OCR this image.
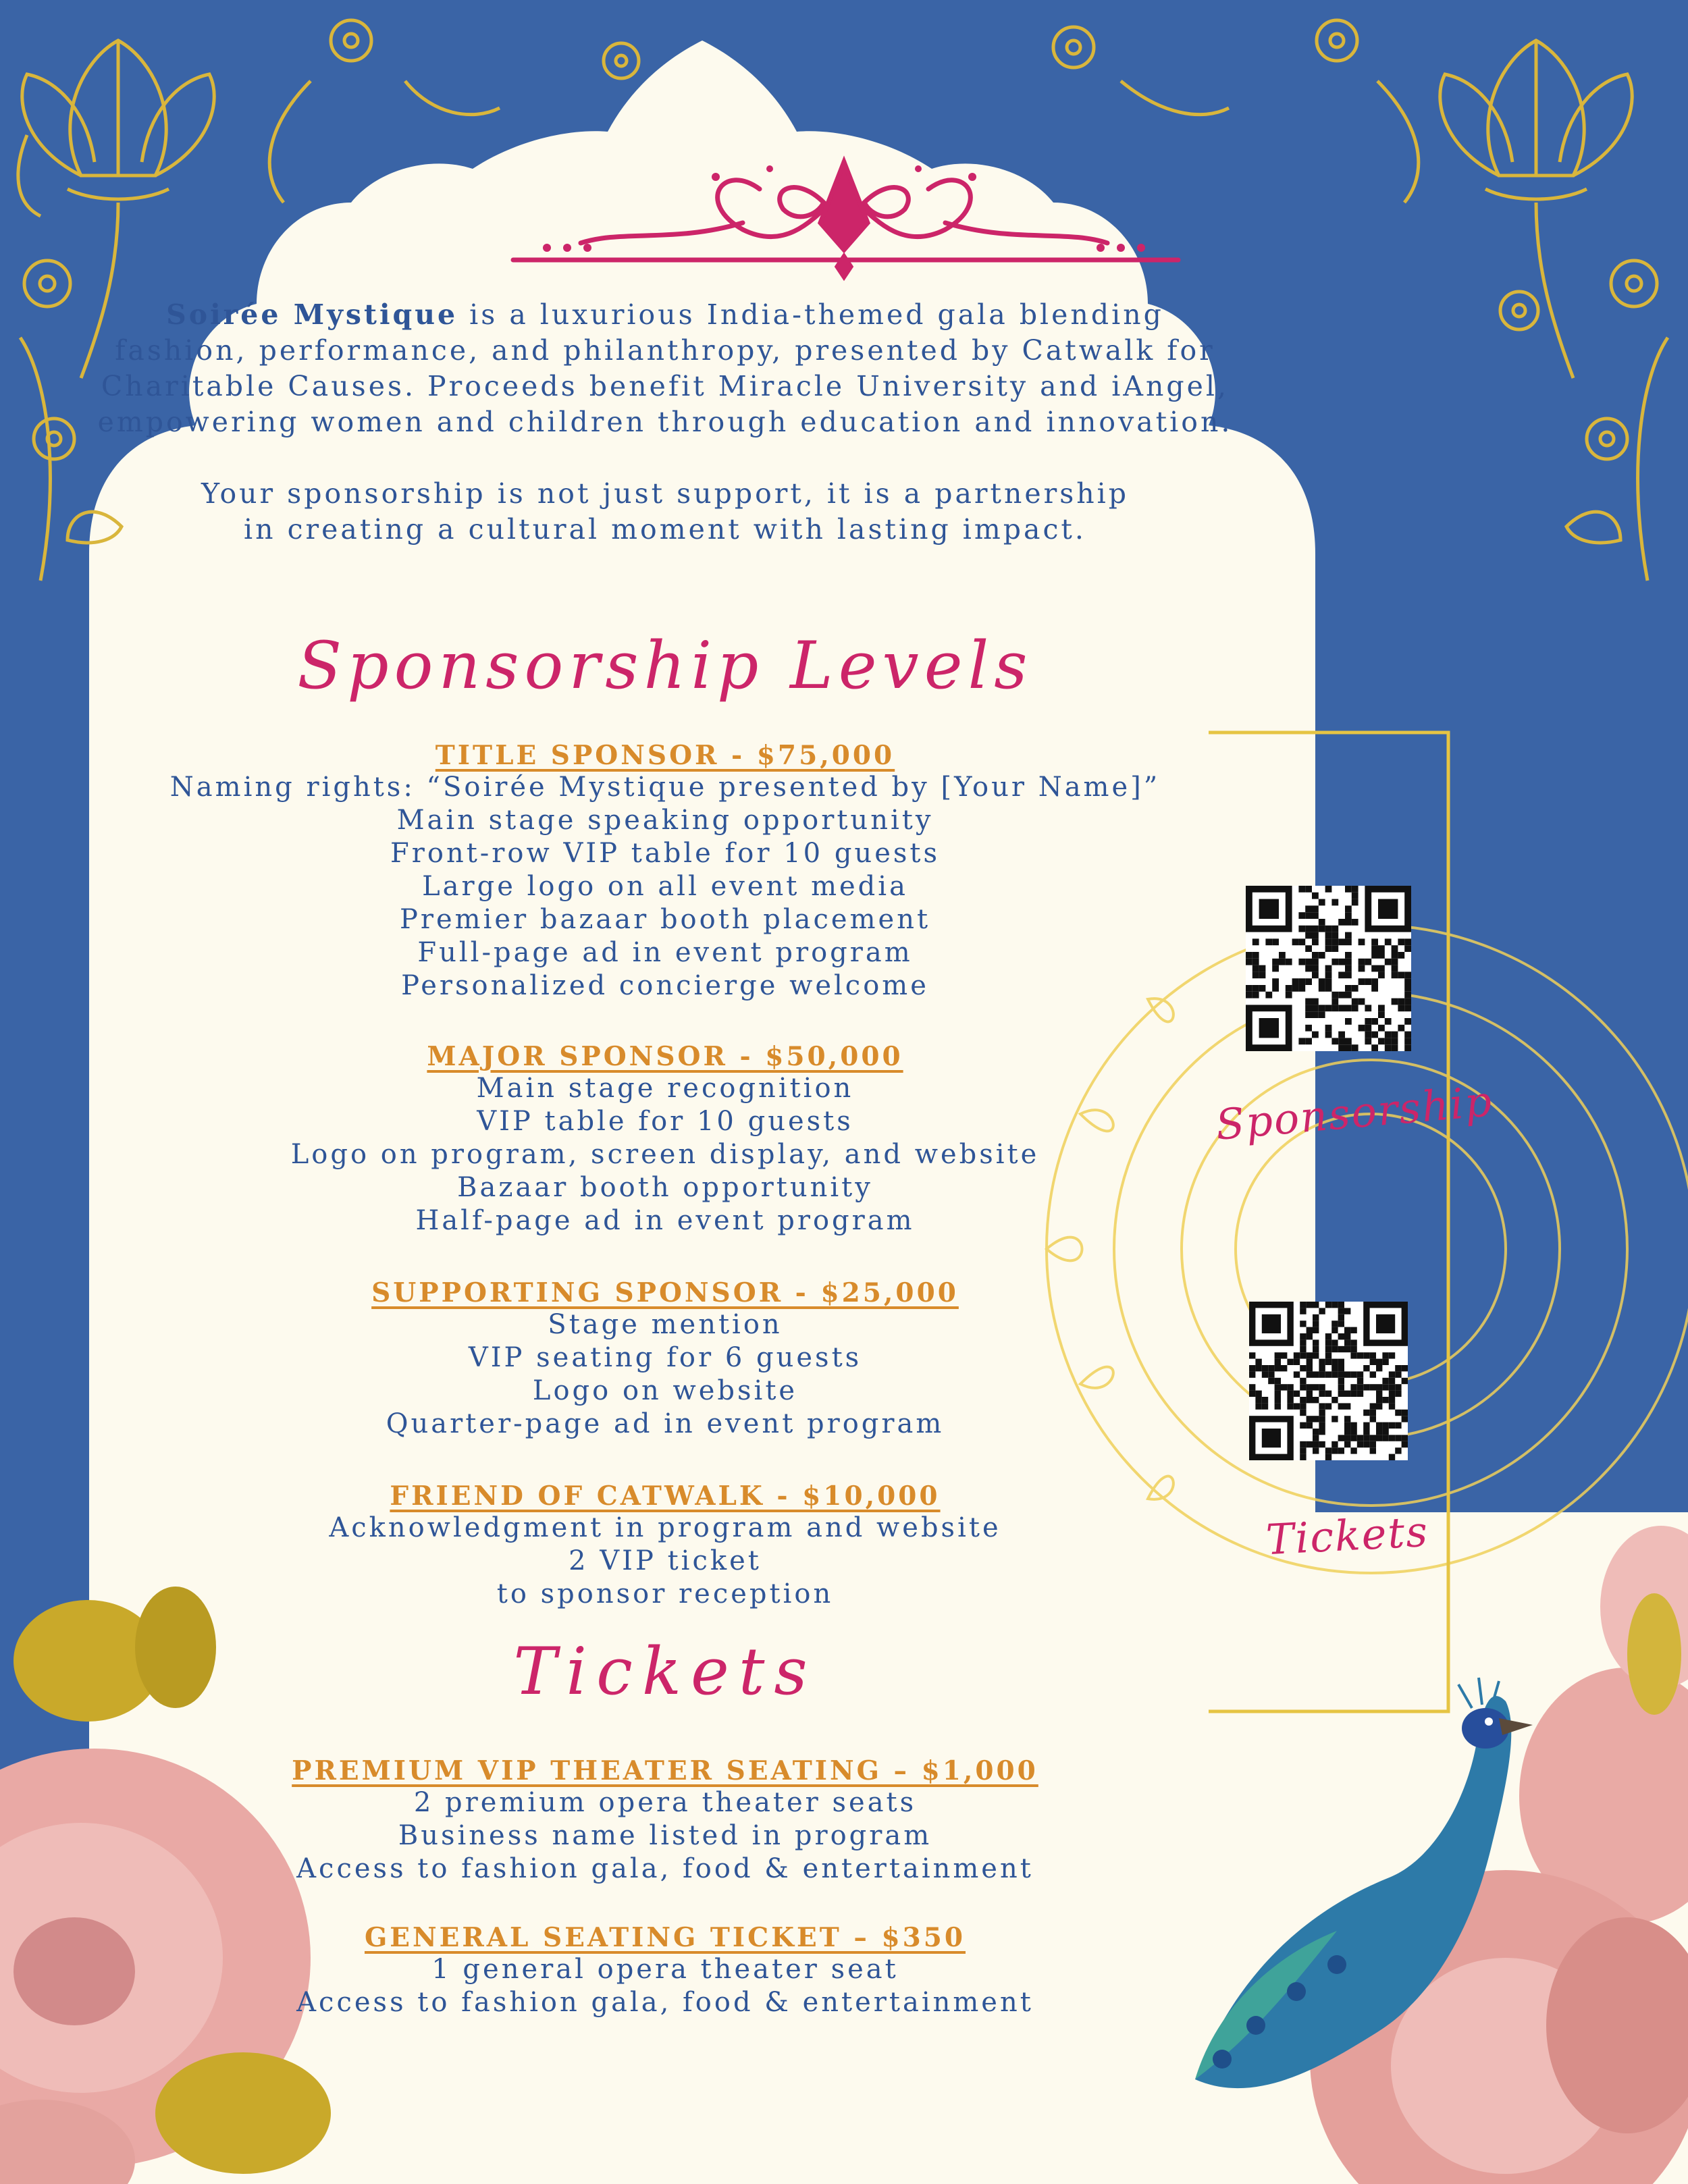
Soirée Mystique is a luxurious India-themed gala blending
fashion, performance, and philanthropy, presented by Catwalk for
Charitable Causes. Proceeds benefit Miracle University and iAngel,
empowering women and children through education and innovation.
Your sponsorship is not just support, it is a partnership
in creating a cultural moment with lasting impact.
Sponsorship Levels
TITLE SPONSOR - $75,000
Naming rights: “Soirée Mystique presented by [Your Name]”
Main stage speaking opportunity
Front-row VIP table for 10 guests
Large logo on all event media
Premier bazaar booth placement
Full-page ad in event program
Personalized concierge welcome
MAJOR SPONSOR - $50,000
Main stage recognition
VIP table for 10 guests
Logo on program, screen display, and website
Bazaar booth opportunity
Half-page ad in event program
SUPPORTING SPONSOR - $25,000
Stage mention
VIP seating for 6 guests
Logo on website
Quarter-page ad in event program
FRIEND OF CATWALK - $10,000
Acknowledgment in program and website
2 VIP ticket
to sponsor reception
Tickets
PREMIUM VIP THEATER SEATING – $1,000
2 premium opera theater seats
Business name listed in program
Access to fashion gala, food & entertainment
GENERAL SEATING TICKET – $350
1 general opera theater seat
Access to fashion gala, food & entertainment
Sponsorship
Tickets
